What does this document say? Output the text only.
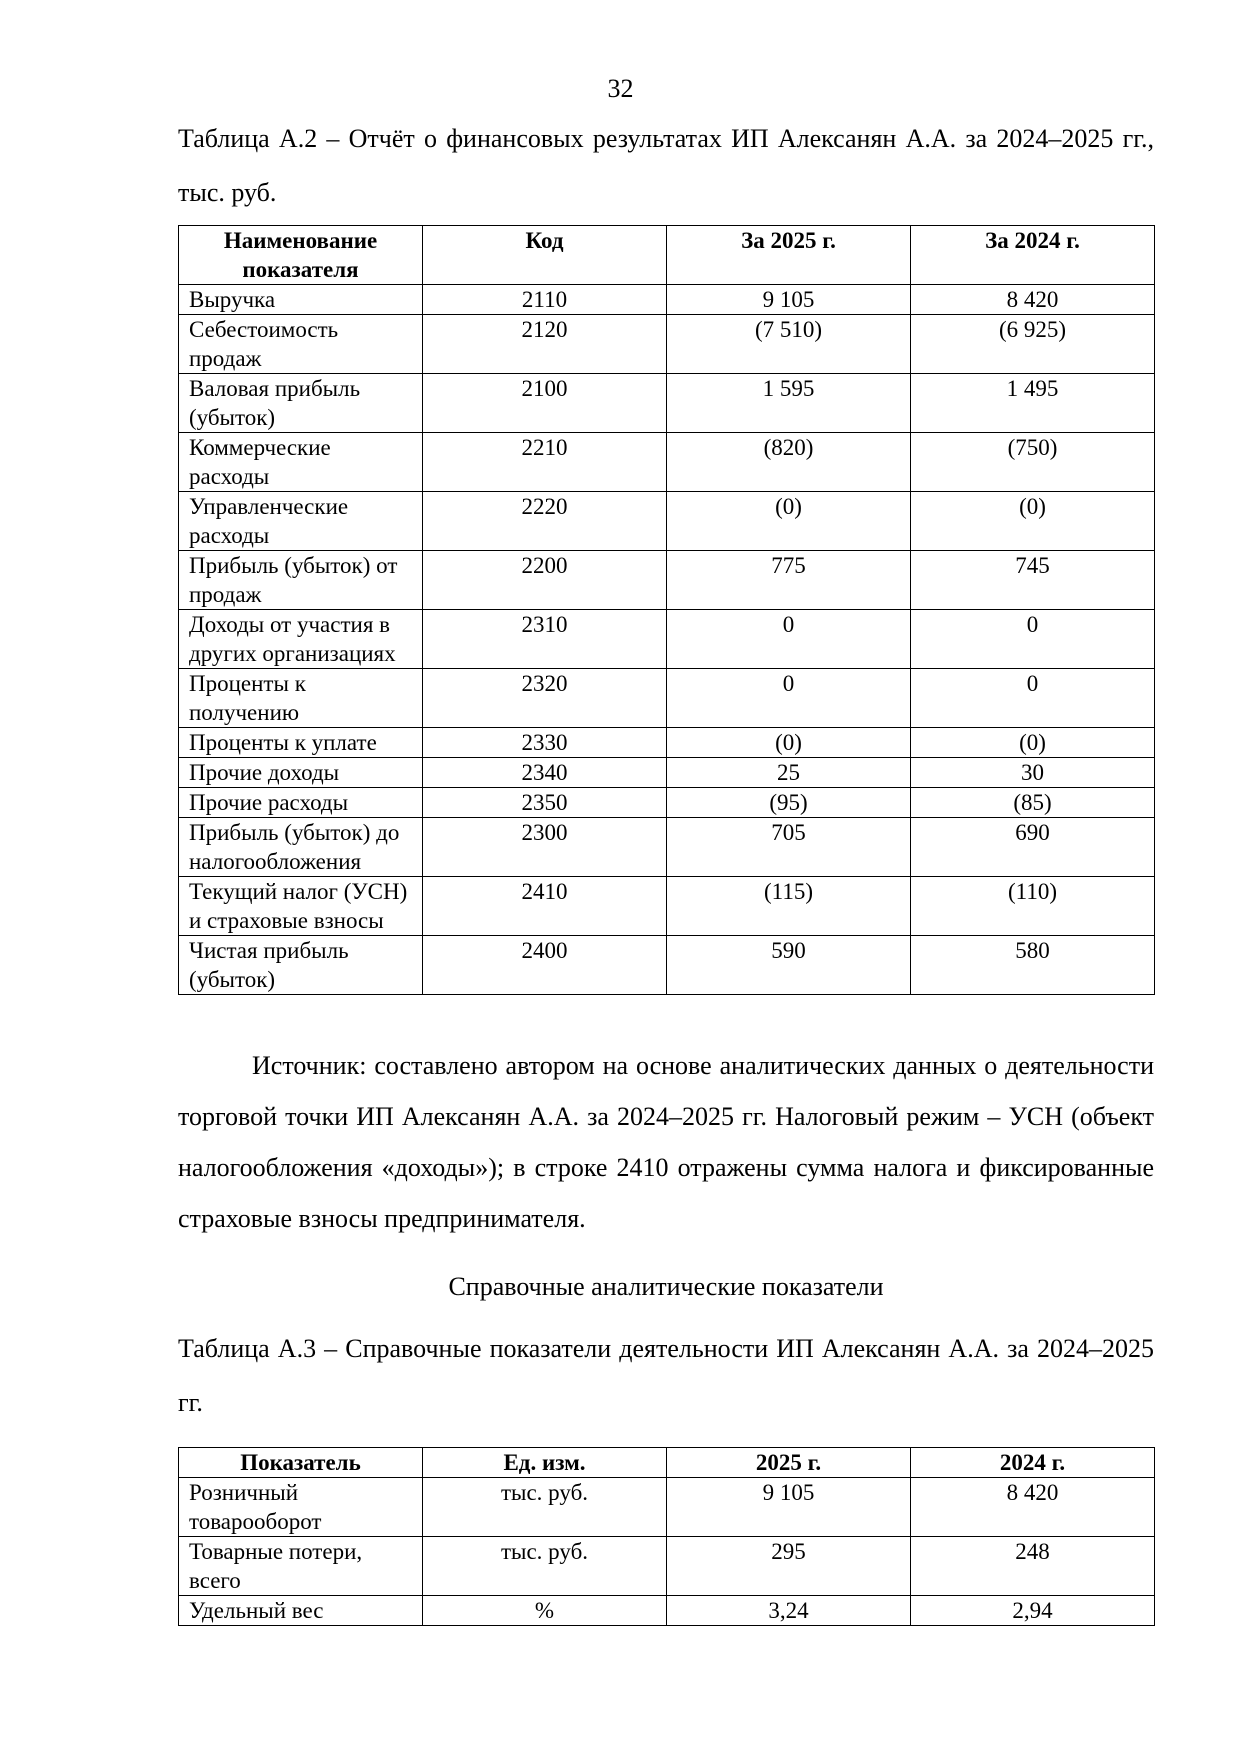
32
Таблица А.2 – Отчёт о финансовых результатах ИП Алексанян А.А. за 2024–2025 гг., тыс. руб.
Наименование показателя	Код	За 2025 г.	За 2024 г.
Выручка	2110	9 105	8 420
Себестоимость продаж	2120	(7 510)	(6 925)
Валовая прибыль (убыток)	2100	1 595	1 495
Коммерческие расходы	2210	(820)	(750)
Управленческие расходы	2220	(0)	(0)
Прибыль (убыток) от продаж	2200	775	745
Доходы от участия в других организациях	2310	0	0
Проценты к получению	2320	0	0
Проценты к уплате	2330	(0)	(0)
Прочие доходы	2340	25	30
Прочие расходы	2350	(95)	(85)
Прибыль (убыток) до налогообложения	2300	705	690
Текущий налог (УСН) и страховые взносы	2410	(115)	(110)
Чистая прибыль (убыток)	2400	590	580
Источник: составлено автором на основе аналитических данных о деятельности торговой точки ИП Алексанян А.А. за 2024–2025 гг. Налоговый режим – УСН (объект налогообложения «доходы»); в строке 2410 отражены сумма налога и фиксированные страховые взносы предпринимателя.
Справочные аналитические показатели
Таблица А.3 – Справочные показатели деятельности ИП Алексанян А.А. за 2024–2025 гг.
Показатель	Ед. изм.	2025 г.	2024 г.
Розничный товарооборот	тыс. руб.	9 105	8 420
Товарные потери, всего	тыс. руб.	295	248
Удельный вес	%	3,24	2,94
